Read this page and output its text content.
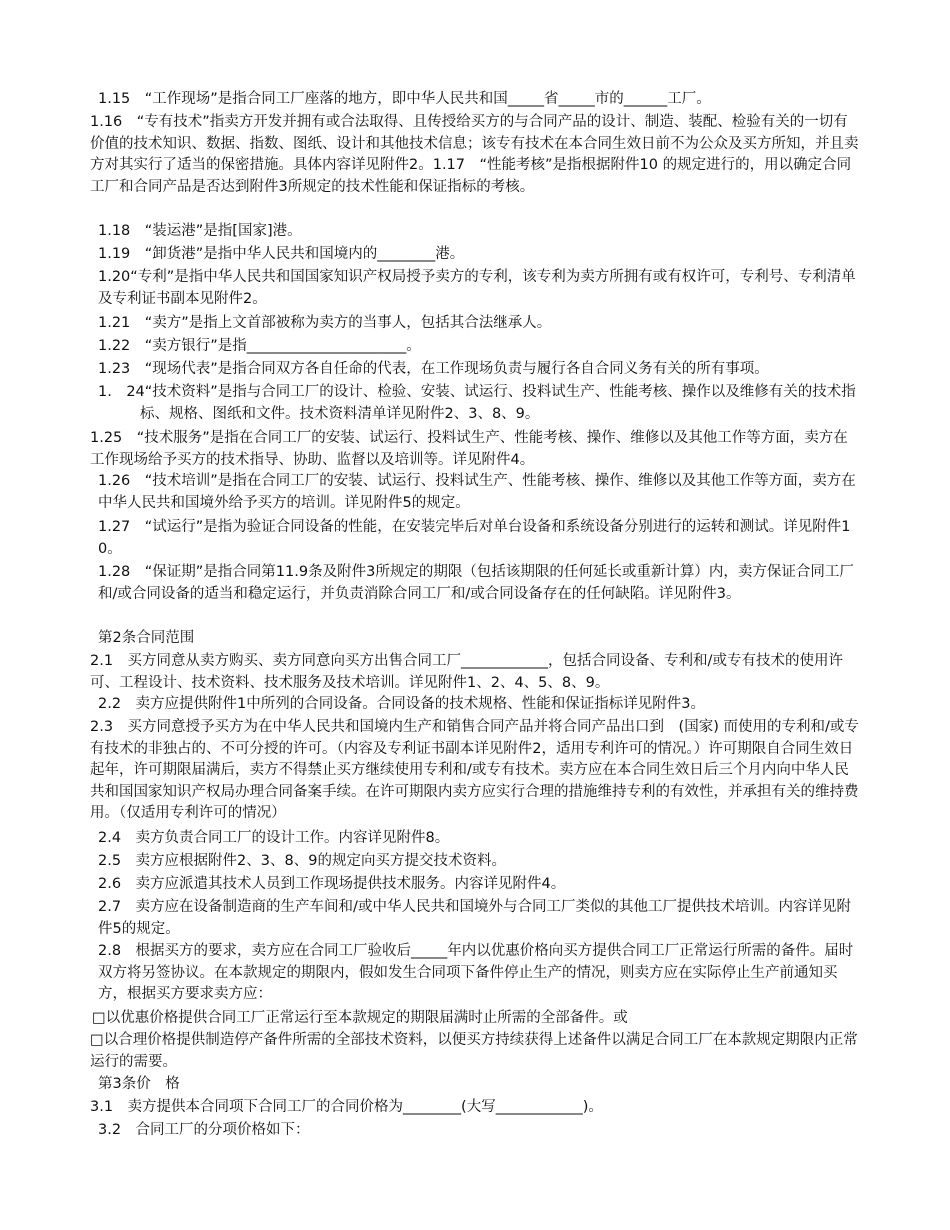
1.15　“工作现场”是指合同工厂座落的地方，即中华人民共和国_____省_____市的______工厂。

1.16　“专有技术”指卖方开发并拥有或合法取得、且传授给买方的与合同产品的设计、制造、装配、检验有关的一切有价值的技术知识、数据、指数、图纸、设计和其他技术信息；该专有技术在本合同生效日前不为公众及买方所知，并且卖方对其实行了适当的保密措施。具体内容详见附件2。1.17　“性能考核”是指根据附件10 的规定进行的，用以确定合同工厂和合同产品是否达到附件3所规定的技术性能和保证指标的考核。

1.18　“装运港”是指[国家]港。

1.19　“卸货港”是指中华人民共和国境内的________港。

1.20“专利”是指中华人民共和国国家知识产权局授予卖方的专利，该专利为卖方所拥有或有权许可，专利号、专利清单及专利证书副本见附件2。

1.21　“卖方”是指上文首部被称为卖方的当事人，包括其合法继承人。

1.22　“卖方银行”是指______________________。

1.23　“现场代表”是指合同双方各自任命的代表，在工作现场负责与履行各自合同义务有关的所有事项。

1.　24“技术资料”是指与合同工厂的设计、检验、安装、试运行、投料试生产、性能考核、操作以及维修有关的技术指标、规格、图纸和文件。技术资料清单详见附件2、3、8、9。

1.25　“技术服务”是指在合同工厂的安装、试运行、投料试生产、性能考核、操作、维修以及其他工作等方面，卖方在工作现场给予买方的技术指导、协助、监督以及培训等。详见附件4。

1.26　“技术培训”是指在合同工厂的安装、试运行、投料试生产、性能考核、操作、维修以及其他工作等方面，卖方在中华人民共和国境外给予买方的培训。详见附件5的规定。

1.27　“试运行”是指为验证合同设备的性能，在安装完毕后对单台设备和系统设备分别进行的运转和测试。详见附件10。

1.28　“保证期”是指合同第11.9条及附件3所规定的期限（包括该期限的任何延长或重新计算）内，卖方保证合同工厂和/或合同设备的适当和稳定运行，并负责消除合同工厂和/或合同设备存在的任何缺陷。详见附件3。

第2条合同范围

2.1　买方同意从卖方购买、卖方同意向买方出售合同工厂____________，包括合同设备、专利和/或专有技术的使用许可、工程设计、技术资料、技术服务及技术培训。详见附件1、2、4、5、8、9。

2.2　卖方应提供附件1中所列的合同设备。合同设备的技术规格、性能和保证指标详见附件3。

2.3　买方同意授予买方为在中华人民共和国境内生产和销售合同产品并将合同产品出口到　(国家) 而使用的专利和/或专有技术的非独占的、不可分授的许可。（内容及专利证书副本详见附件2，适用专利许可的情况。）许可期限自合同生效日起年，许可期限届满后，卖方不得禁止买方继续使用专利和/或专有技术。卖方应在本合同生效日后三个月内向中华人民共和国国家知识产权局办理合同备案手续。在许可期限内卖方应实行合理的措施维持专利的有效性，并承担有关的维持费用。（仅适用专利许可的情况）

2.4　卖方负责合同工厂的设计工作。内容详见附件8。

2.5　卖方应根据附件2、3、8、9的规定向买方提交技术资料。

2.6　卖方应派遣其技术人员到工作现场提供技术服务。内容详见附件4。

2.7　卖方应在设备制造商的生产车间和/或中华人民共和国境外与合同工厂类似的其他工厂提供技术培训。内容详见附件5的规定。

2.8　根据买方的要求，卖方应在合同工厂验收后_____年内以优惠价格向买方提供合同工厂正常运行所需的备件。届时双方将另签协议。在本款规定的期限内，假如发生合同项下备件停止生产的情况，则卖方应在实际停止生产前通知买方，根据买方要求卖方应：

□以优惠价格提供合同工厂正常运行至本款规定的期限届满时止所需的全部备件。或

□以合理价格提供制造停产备件所需的全部技术资料，以便买方持续获得上述备件以满足合同工厂在本款规定期限内正常运行的需要。

第3条价　格

3.1　卖方提供本合同项下合同工厂的合同价格为________(大写____________)。

3.2　合同工厂的分项价格如下：
